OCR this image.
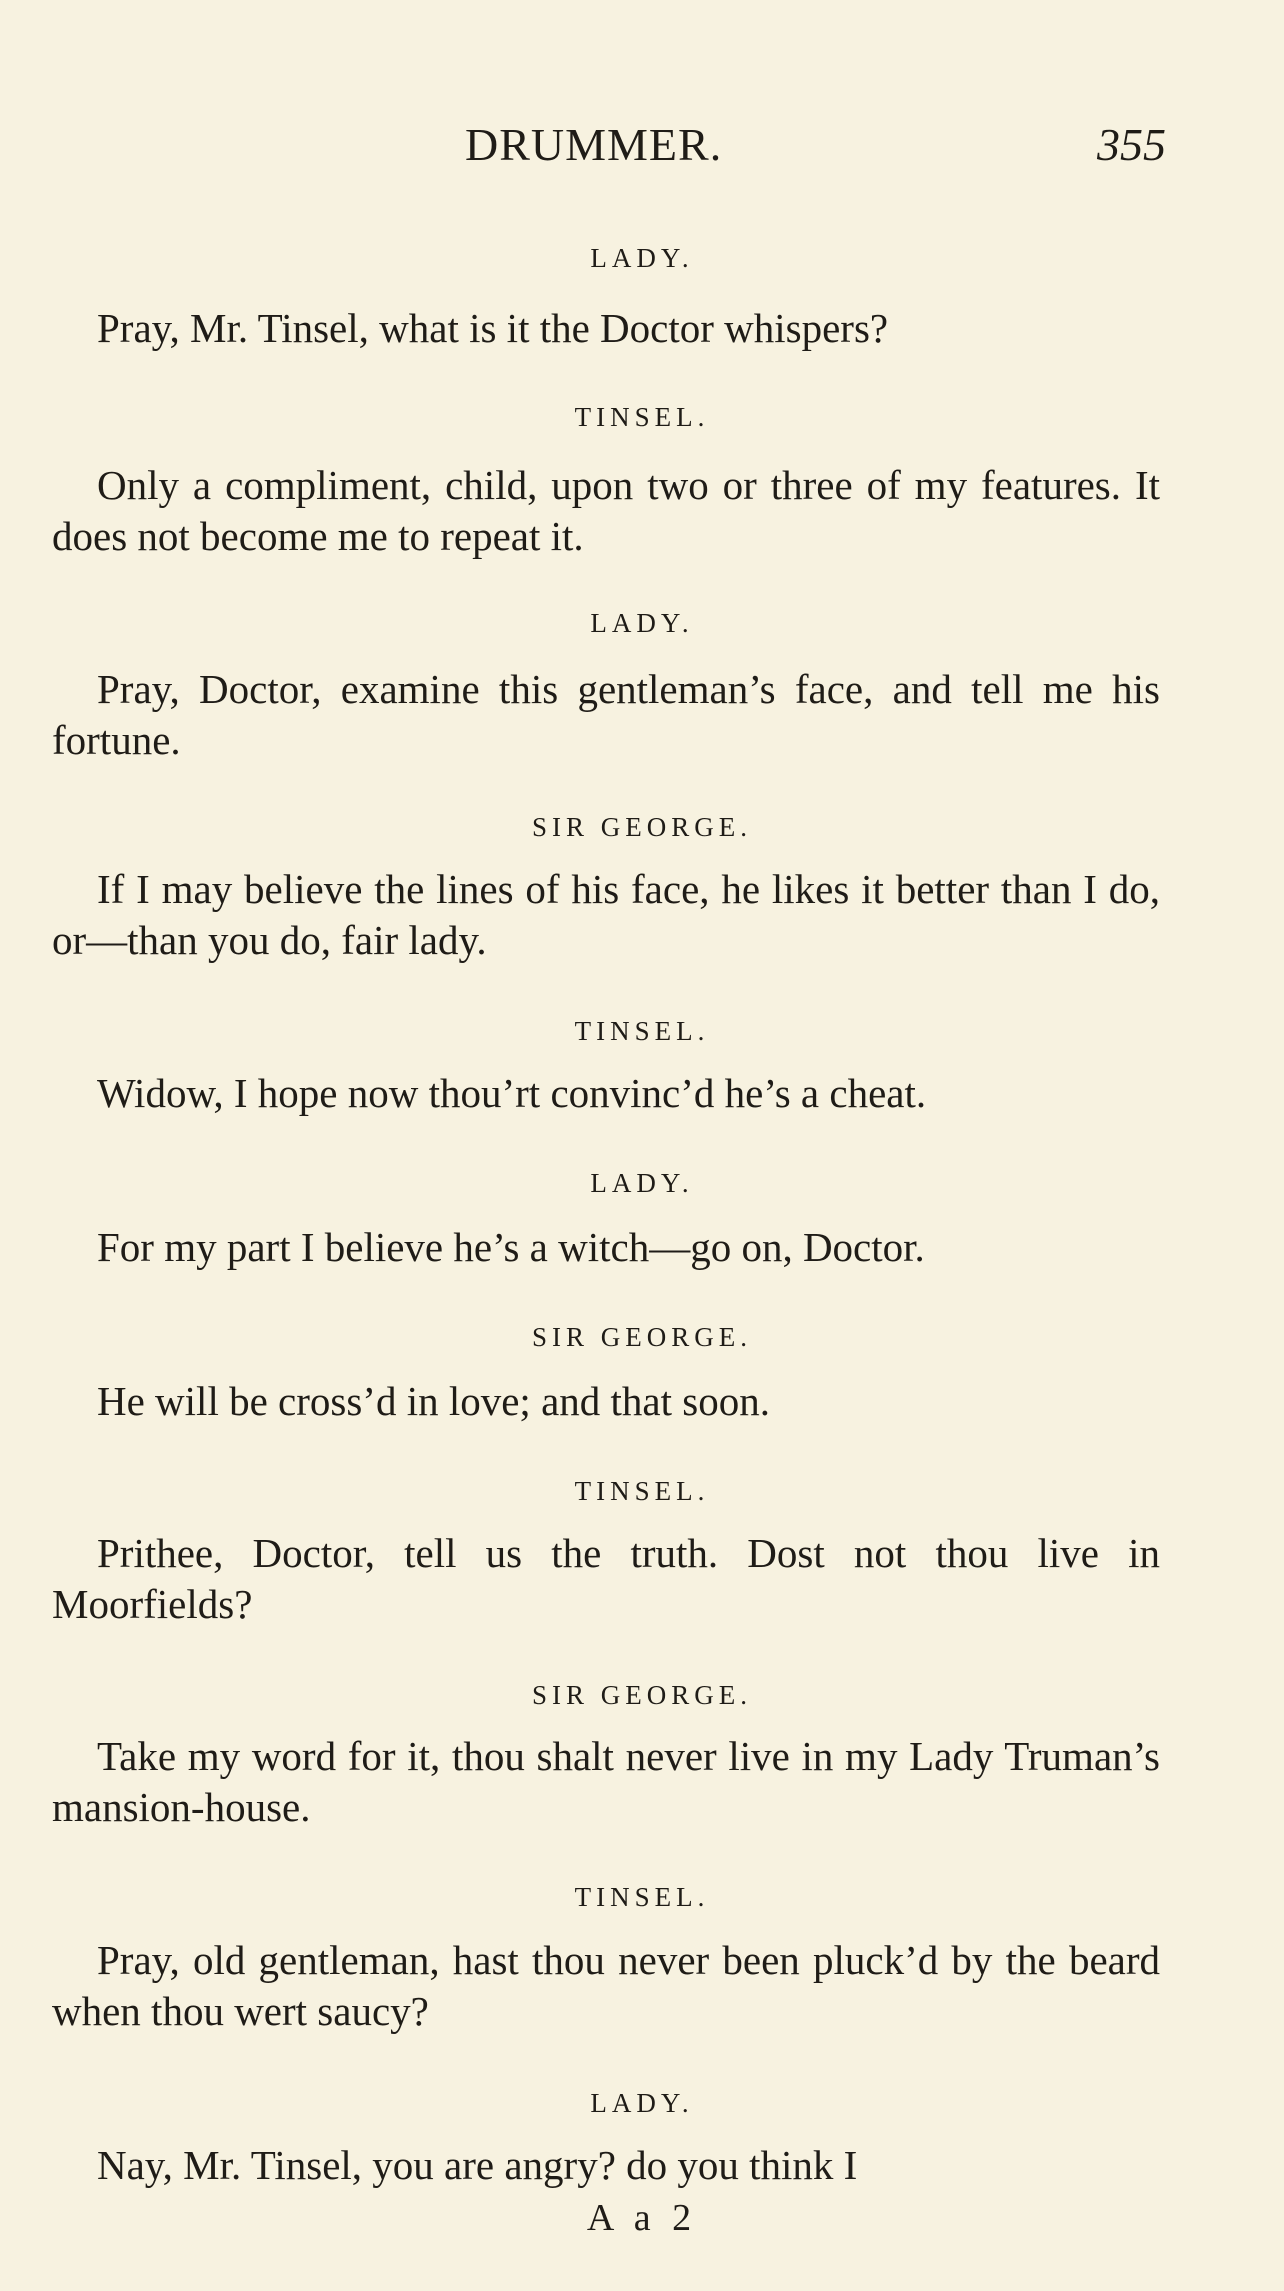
DRUMMER.	355
LADY.
Pray, Mr. Tinsel, what is it the Doctor whispers?
TINSEL.
Only a compliment, child, upon two or three of my features. It does not become me to repeat it.
LADY.
Pray, Doctor, examine this gentleman’s face, and tell me his fortune.
SIR GEORGE.
If I may believe the lines of his face, he likes it better than I do, or—than you do, fair lady.
TINSEL.
Widow, I hope now thou’rt convinc’d he’s a cheat.
LADY.
For my part I believe he’s a witch—go on, Doctor.
SIR GEORGE.
He will be cross’d in love; and that soon.
TINSEL.
Prithee, Doctor, tell us the truth. Dost not thou live in Moorfields?
SIR GEORGE.
Take my word for it, thou shalt never live in my Lady Truman’s mansion-house.
TINSEL.
Pray, old gentleman, hast thou never been pluck’d by the beard when thou wert saucy?
LADY.
Nay, Mr. Tinsel, you are angry? do you think I
A a 2
